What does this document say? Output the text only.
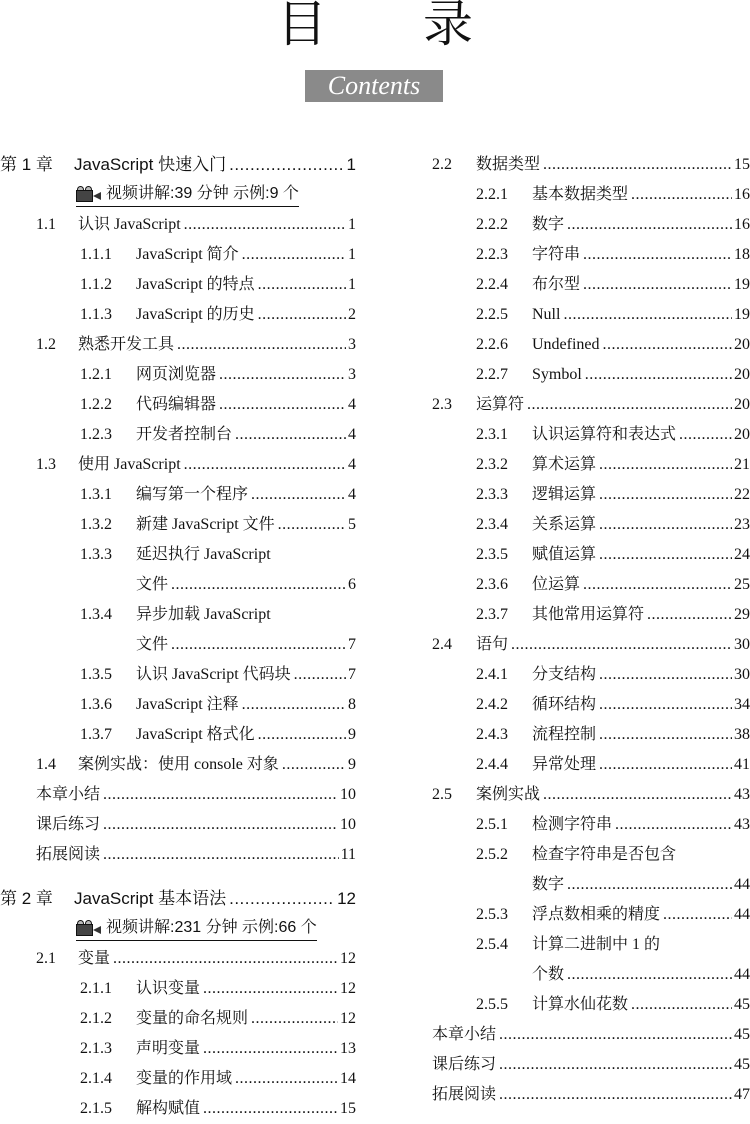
目 录
Contents
第 1 章 JavaScript 快速入门 .....	1
视频讲解:39 分钟 示例:9 个
1.1 认识 JavaScript .....	1
1.1.1 JavaScript 简介 .....	1
1.1.2 JavaScript 的特点 .....	1
1.1.3 JavaScript 的历史 .....	2
1.2 熟悉开发工具 .....	3
1.2.1 网页浏览器 .....	3
1.2.2 代码编辑器 .....	4
1.2.3 开发者控制台 .....	4
1.3 使用 JavaScript .....	4
1.3.1 编写第一个程序 .....	4
1.3.2 新建 JavaScript 文件 .....	5
1.3.3 延迟执行 JavaScript
文件 .....	6
1.3.4 异步加载 JavaScript
文件 .....	7
1.3.5 认识 JavaScript 代码块 .....	7
1.3.6 JavaScript 注释 .....	8
1.3.7 JavaScript 格式化 .....	9
1.4 案例实战：使用 console 对象 .....	9
本章小结 .....	10
课后练习 .....	10
拓展阅读 .....	11
第 2 章 JavaScript 基本语法 .....	12
视频讲解:231 分钟 示例:66 个
2.1 变量 .....	12
2.1.1 认识变量 .....	12
2.1.2 变量的命名规则 .....	12
2.1.3 声明变量 .....	13
2.1.4 变量的作用域 .....	14
2.1.5 解构赋值 .....	15
2.2 数据类型 .....	15
2.2.1 基本数据类型 .....	16
2.2.2 数字 .....	16
2.2.3 字符串 .....	18
2.2.4 布尔型 .....	19
2.2.5 Null .....	19
2.2.6 Undefined .....	20
2.2.7 Symbol .....	20
2.3 运算符 .....	20
2.3.1 认识运算符和表达式 .....	20
2.3.2 算术运算 .....	21
2.3.3 逻辑运算 .....	22
2.3.4 关系运算 .....	23
2.3.5 赋值运算 .....	24
2.3.6 位运算 .....	25
2.3.7 其他常用运算符 .....	29
2.4 语句 .....	30
2.4.1 分支结构 .....	30
2.4.2 循环结构 .....	34
2.4.3 流程控制 .....	38
2.4.4 异常处理 .....	41
2.5 案例实战 .....	43
2.5.1 检测字符串 .....	43
2.5.2 检查字符串是否包含
数字 .....	44
2.5.3 浮点数相乘的精度 .....	44
2.5.4 计算二进制中 1 的
个数 .....	44
2.5.5 计算水仙花数 .....	45
本章小结 .....	45
课后练习 .....	45
拓展阅读 .....	47
